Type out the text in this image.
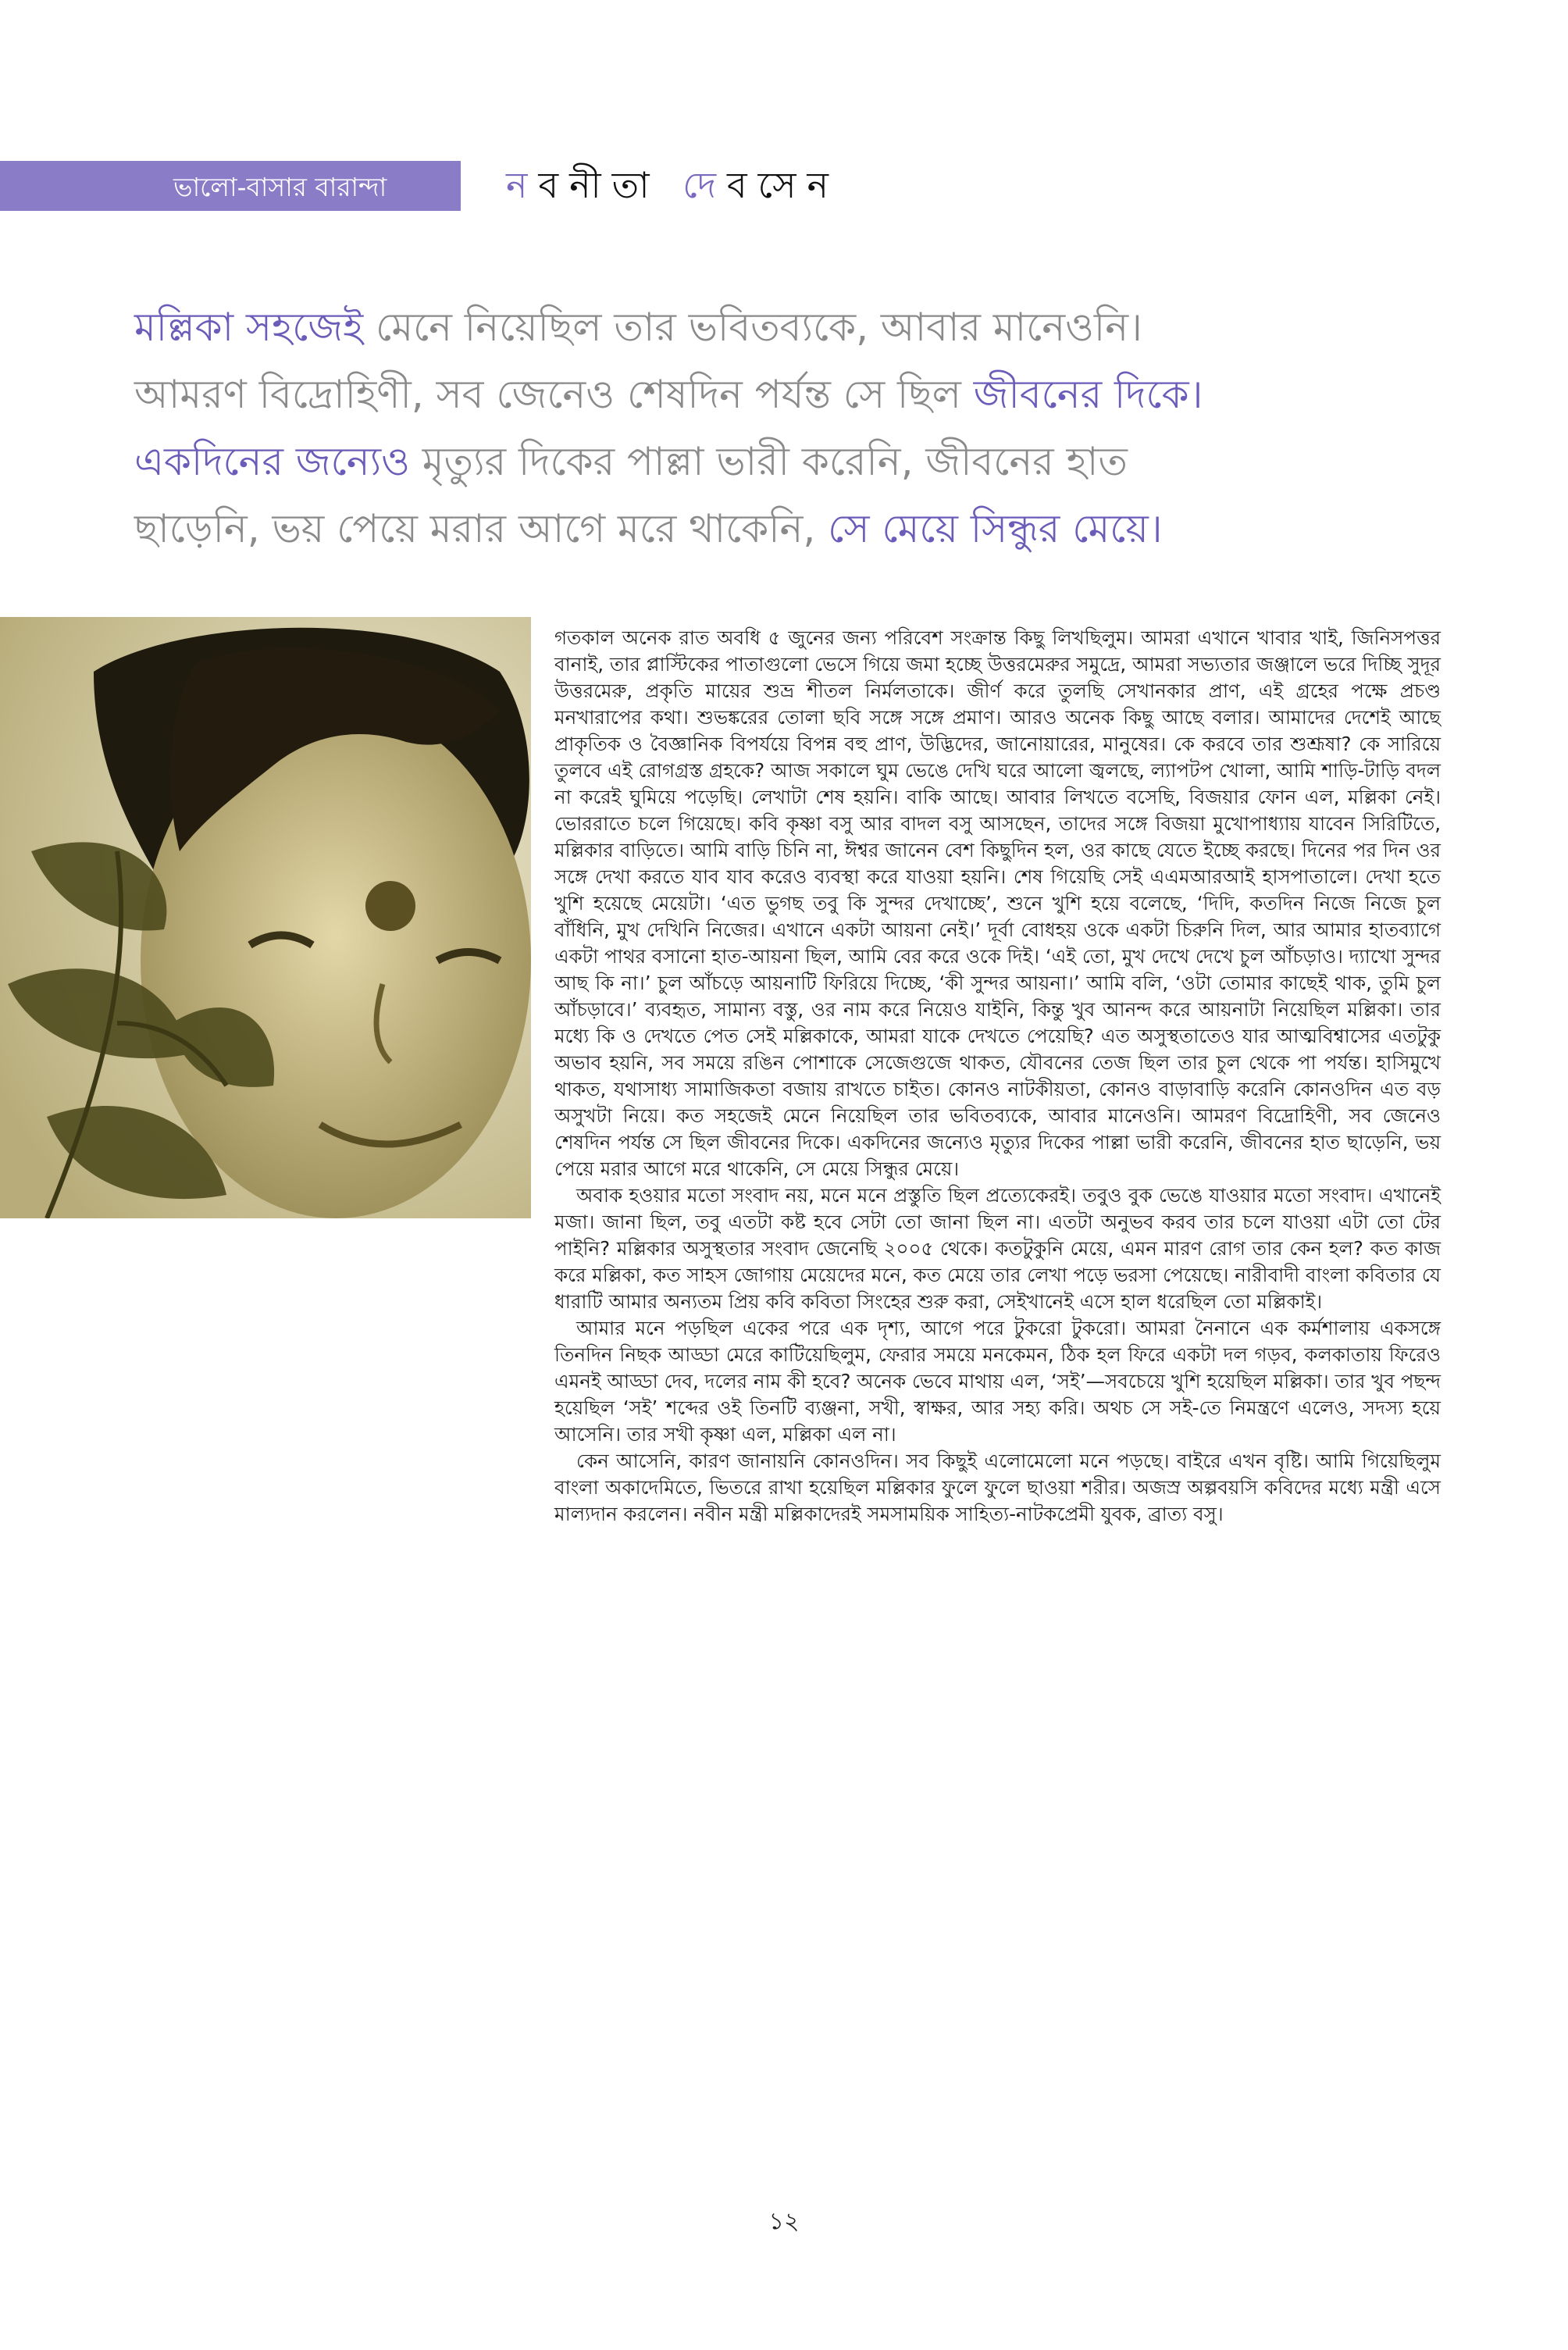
ভালো-বাসার বারান্দা	নবনীতা দেবসেন
মল্লিকা সহজেই মেনে নিয়েছিল তার ভবিতব্যকে, আবার মানেওনি।
আমরণ বিদ্রোহিণী, সব জেনেও শেষদিন পর্যন্ত সে ছিল জীবনের দিকে।
একদিনের জন্যেও মৃত্যুর দিকের পাল্লা ভারী করেনি, জীবনের হাত
ছাড়েনি, ভয় পেয়ে মরার আগে মরে থাকেনি, সে মেয়ে সিন্ধুর মেয়ে।

গতকাল অনেক রাত অবধি ৫ জুনের জন্য পরিবেশ সংক্রান্ত কিছু লিখছিলুম। আমরা এখানে খাবার খাই, জিনিসপত্তর বানাই, তার প্লাস্টিকের পাতাগুলো ভেসে গিয়ে জমা হচ্ছে উত্তরমেরুর সমুদ্রে, আমরা সভ্যতার জঞ্জালে ভরে দিচ্ছি সুদূর উত্তরমেরু, প্রকৃতি মায়ের শুভ্র শীতল নির্মলতাকে। জীর্ণ করে তুলছি সেখানকার প্রাণ, এই গ্রহের পক্ষে প্রচণ্ড মনখারাপের কথা। শুভঙ্করের তোলা ছবি সঙ্গে সঙ্গে প্রমাণ। আরও অনেক কিছু আছে বলার। আমাদের দেশেই আছে প্রাকৃতিক ও বৈজ্ঞানিক বিপর্যয়ে বিপন্ন বহু প্রাণ, উদ্ভিদের, জানোয়ারের, মানুষের। কে করবে তার শুশ্রূষা? কে সারিয়ে তুলবে এই রোগগ্রস্ত গ্রহকে? আজ সকালে ঘুম ভেঙে দেখি ঘরে আলো জ্বলছে, ল্যাপটপ খোলা, আমি শাড়ি-টাড়ি বদল না করেই ঘুমিয়ে পড়েছি। লেখাটা শেষ হয়নি। বাকি আছে। আবার লিখতে বসেছি, বিজয়ার ফোন এল, মল্লিকা নেই। ভোররাতে চলে গিয়েছে। কবি কৃষ্ণা বসু আর বাদল বসু আসছেন, তাদের সঙ্গে বিজয়া মুখোপাধ্যায় যাবেন সিরিটিতে, মল্লিকার বাড়িতে। আমি বাড়ি চিনি না, ঈশ্বর জানেন বেশ কিছুদিন হল, ওর কাছে যেতে ইচ্ছে করছে। দিনের পর দিন ওর সঙ্গে দেখা করতে যাব যাব করেও ব্যবস্থা করে যাওয়া হয়নি। শেষ গিয়েছি সেই এএমআরআই হাসপাতালে। দেখা হতে খুশি হয়েছে মেয়েটা। ‘এত ভুগছ তবু কি সুন্দর দেখাচ্ছে’, শুনে খুশি হয়ে বলেছে, ‘দিদি, কতদিন নিজে নিজে চুল বাঁধিনি, মুখ দেখিনি নিজের। এখানে একটা আয়না নেই।’ দূর্বা বোধহয় ওকে একটা চিরুনি দিল, আর আমার হাতব্যাগে একটা পাথর বসানো হাত-আয়না ছিল, আমি বের করে ওকে দিই। ‘এই তো, মুখ দেখে দেখে চুল আঁচড়াও। দ্যাখো সুন্দর আছ কি না।’ চুল আঁচড়ে আয়নাটি ফিরিয়ে দিচ্ছে, ‘কী সুন্দর আয়না।’ আমি বলি, ‘ওটা তোমার কাছেই থাক, তুমি চুল আঁচড়াবে।’ ব্যবহৃত, সামান্য বস্তু, ওর নাম করে নিয়েও যাইনি, কিন্তু খুব আনন্দ করে আয়নাটা নিয়েছিল মল্লিকা। তার মধ্যে কি ও দেখতে পেত সেই মল্লিকাকে, আমরা যাকে দেখতে পেয়েছি? এত অসুস্থতাতেও যার আত্মবিশ্বাসের এতটুকু অভাব হয়নি, সব সময়ে রঙিন পোশাকে সেজেগুজে থাকত, যৌবনের তেজ ছিল তার চুল থেকে পা পর্যন্ত। হাসিমুখে থাকত, যথাসাধ্য সামাজিকতা বজায় রাখতে চাইত। কোনও নাটকীয়তা, কোনও বাড়াবাড়ি করেনি কোনওদিন এত বড় অসুখটা নিয়ে। কত সহজেই মেনে নিয়েছিল তার ভবিতব্যকে, আবার মানেওনি। আমরণ বিদ্রোহিণী, সব জেনেও শেষদিন পর্যন্ত সে ছিল জীবনের দিকে। একদিনের জন্যেও মৃত্যুর দিকের পাল্লা ভারী করেনি, জীবনের হাত ছাড়েনি, ভয় পেয়ে মরার আগে মরে থাকেনি, সে মেয়ে সিন্ধুর মেয়ে।

অবাক হওয়ার মতো সংবাদ নয়, মনে মনে প্রস্তুতি ছিল প্রত্যেকেরই। তবুও বুক ভেঙে যাওয়ার মতো সংবাদ। এখানেই মজা। জানা ছিল, তবু এতটা কষ্ট হবে সেটা তো জানা ছিল না। এতটা অনুভব করব তার চলে যাওয়া এটা তো টের পাইনি? মল্লিকার অসুস্থতার সংবাদ জেনেছি ২০০৫ থেকে। কতটুকুনি মেয়ে, এমন মারণ রোগ তার কেন হল? কত কাজ করে মল্লিকা, কত সাহস জোগায় মেয়েদের মনে, কত মেয়ে তার লেখা পড়ে ভরসা পেয়েছে। নারীবাদী বাংলা কবিতার যে ধারাটি আমার অন্যতম প্রিয় কবি কবিতা সিংহের শুরু করা, সেইখানেই এসে হাল ধরেছিল তো মল্লিকাই।

আমার মনে পড়ছিল একের পরে এক দৃশ্য, আগে পরে টুকরো টুকরো। আমরা নৈনানে এক কর্মশালায় একসঙ্গে তিনদিন নিছক আড্ডা মেরে কাটিয়েছিলুম, ফেরার সময়ে মনকেমন, ঠিক হল ফিরে একটা দল গড়ব, কলকাতায় ফিরেও এমনই আড্ডা দেব, দলের নাম কী হবে? অনেক ভেবে মাথায় এল, ‘সই’—সবচেয়ে খুশি হয়েছিল মল্লিকা। তার খুব পছন্দ হয়েছিল ‘সই’ শব্দের ওই তিনটি ব্যঞ্জনা, সখী, স্বাক্ষর, আর সহ্য করি। অথচ সে সই-তে নিমন্ত্রণে এলেও, সদস্য হয়ে আসেনি। তার সখী কৃষ্ণা এল, মল্লিকা এল না।

কেন আসেনি, কারণ জানায়নি কোনওদিন। সব কিছুই এলোমেলো মনে পড়ছে। বাইরে এখন বৃষ্টি। আমি গিয়েছিলুম বাংলা অকাদেমিতে, ভিতরে রাখা হয়েছিল মল্লিকার ফুলে ফুলে ছাওয়া শরীর। অজস্র অল্পবয়সি কবিদের মধ্যে মন্ত্রী এসে মাল্যদান করলেন। নবীন মন্ত্রী মল্লিকাদেরই সমসাময়িক সাহিত্য-নাটকপ্রেমী যুবক, ব্রাত্য বসু।

১২
